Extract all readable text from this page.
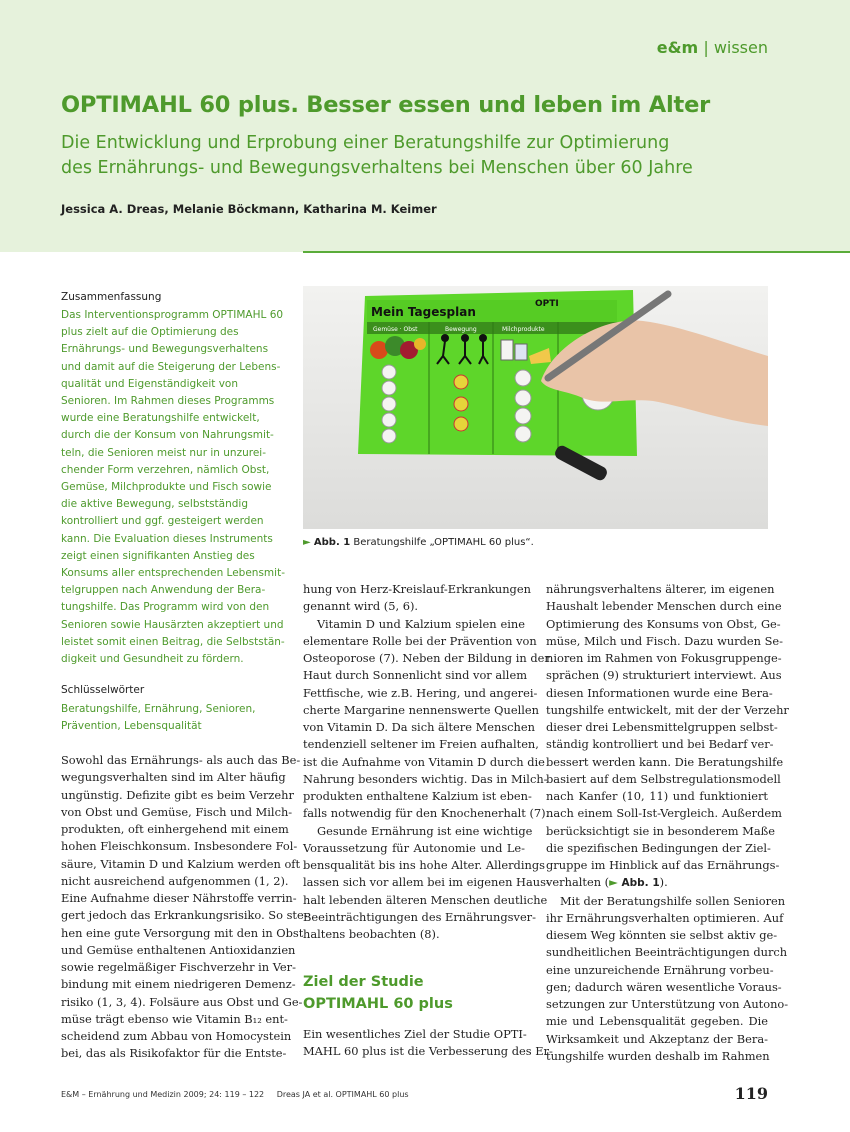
e&m | wissen
OPTIMAHL 60 plus. Besser essen und leben im Alter
Die Entwicklung und Erprobung einer Beratungshilfe zur Optimierung
des Ernährungs- und Bewegungsverhaltens bei Menschen über 60 Jahre
Jessica A. Dreas, Melanie Böckmann, Katharina M. Keimer
Zusammenfassung
Das Interventionsprogramm OPTIMAHL 60
plus zielt auf die Optimierung des
Ernährungs- und Bewegungsverhaltens
und damit auf die Steigerung der Lebens-
qualität und Eigenständigkeit von
Senioren. Im Rahmen dieses Programms
wurde eine Beratungshilfe entwickelt,
durch die der Konsum von Nahrungsmit-
teln, die Senioren meist nur in unzurei-
chender Form verzehren, nämlich Obst,
Gemüse, Milchprodukte und Fisch sowie
die aktive Bewegung, selbstständig
kontrolliert und ggf. gesteigert werden
kann. Die Evaluation dieses Instruments
zeigt einen signifikanten Anstieg des
Konsums aller entsprechenden Lebensmit-
telgruppen nach Anwendung der Bera-
tungshilfe. Das Programm wird von den
Senioren sowie Hausärzten akzeptiert und
leistet somit einen Beitrag, die Selbststän-
digkeit und Gesundheit zu fördern.
Schlüsselwörter
Beratungshilfe, Ernährung, Senioren,
Prävention, Lebensqualität
Mein Tagesplan
OPTI
Gemüse · Obst	Bewegung	Milchprodukte
► Abb. 1 Beratungshilfe „OPTIMAHL 60 plus“.
Sowohl das Ernährungs- als auch das Be-
wegungsverhalten sind im Alter häufig
ungünstig. Defizite gibt es beim Verzehr
von Obst und Gemüse, Fisch und Milch-
produkten, oft einhergehend mit einem
hohen Fleischkonsum. Insbesondere Fol-
säure, Vitamin D und Kalzium werden oft
nicht ausreichend aufgenommen (1, 2).
Eine Aufnahme dieser Nährstoffe verrin-
gert jedoch das Erkrankungsrisiko. So ste-
hen eine gute Versorgung mit den in Obst
und Gemüse enthaltenen Antioxidanzien
sowie regelmäßiger Fischverzehr in Ver-
bindung mit einem niedrigeren Demenz-
risiko (1, 3, 4). Folsäure aus Obst und Ge-
müse trägt ebenso wie Vitamin B₁₂ ent-
scheidend zum Abbau von Homocystein
bei, das als Risikofaktor für die Entste-
hung von Herz-Kreislauf-Erkrankungen
genannt wird (5, 6).
Vitamin D und Kalzium spielen eine
elementare Rolle bei der Prävention von
Osteoporose (7). Neben der Bildung in der
Haut durch Sonnenlicht sind vor allem
Fettfische, wie z.B. Hering, und angerei-
cherte Margarine nennenswerte Quellen
von Vitamin D. Da sich ältere Menschen
tendenziell seltener im Freien aufhalten,
ist die Aufnahme von Vitamin D durch die
Nahrung besonders wichtig. Das in Milch-
produkten enthaltene Kalzium ist eben-
falls notwendig für den Knochenerhalt (7).
Gesunde Ernährung ist eine wichtige
Voraussetzung für Autonomie und Le-
bensqualität bis ins hohe Alter. Allerdings
lassen sich vor allem bei im eigenen Haus-
halt lebenden älteren Menschen deutliche
Beeinträchtigungen des Ernährungsver-
haltens beobachten (8).
Ziel der Studie
OPTIMAHL 60 plus
Ein wesentliches Ziel der Studie OPTI-
MAHL 60 plus ist die Verbesserung des Er-
nährungsverhaltens älterer, im eigenen
Haushalt lebender Menschen durch eine
Optimierung des Konsums von Obst, Ge-
müse, Milch und Fisch. Dazu wurden Se-
nioren im Rahmen von Fokusgruppenge-
sprächen (9) strukturiert interviewt. Aus
diesen Informationen wurde eine Bera-
tungshilfe entwickelt, mit der der Verzehr
dieser drei Lebensmittelgruppen selbst-
ständig kontrolliert und bei Bedarf ver-
bessert werden kann. Die Beratungshilfe
basiert auf dem Selbstregulationsmodell
nach Kanfer (10, 11) und funktioniert
nach einem Soll-Ist-Vergleich. Außerdem
berücksichtigt sie in besonderem Maße
die spezifischen Bedingungen der Ziel-
gruppe im Hinblick auf das Ernährungs-
verhalten (► Abb. 1).

Mit der Beratungshilfe sollen Senioren
ihr Ernährungsverhalten optimieren. Auf
diesem Weg könnten sie selbst aktiv ge-
sundheitlichen Beeinträchtigungen durch
eine unzureichende Ernährung vorbeu-
gen; dadurch wären wesentliche Voraus-
setzungen zur Unterstützung von Autono-
mie und Lebensqualität gegeben. Die
Wirksamkeit und Akzeptanz der Bera-
tungshilfe wurden deshalb im Rahmen
E&M – Ernährung und Medizin 2009; 24: 119 – 122 Dreas JA et al. OPTIMAHL 60 plus	119
